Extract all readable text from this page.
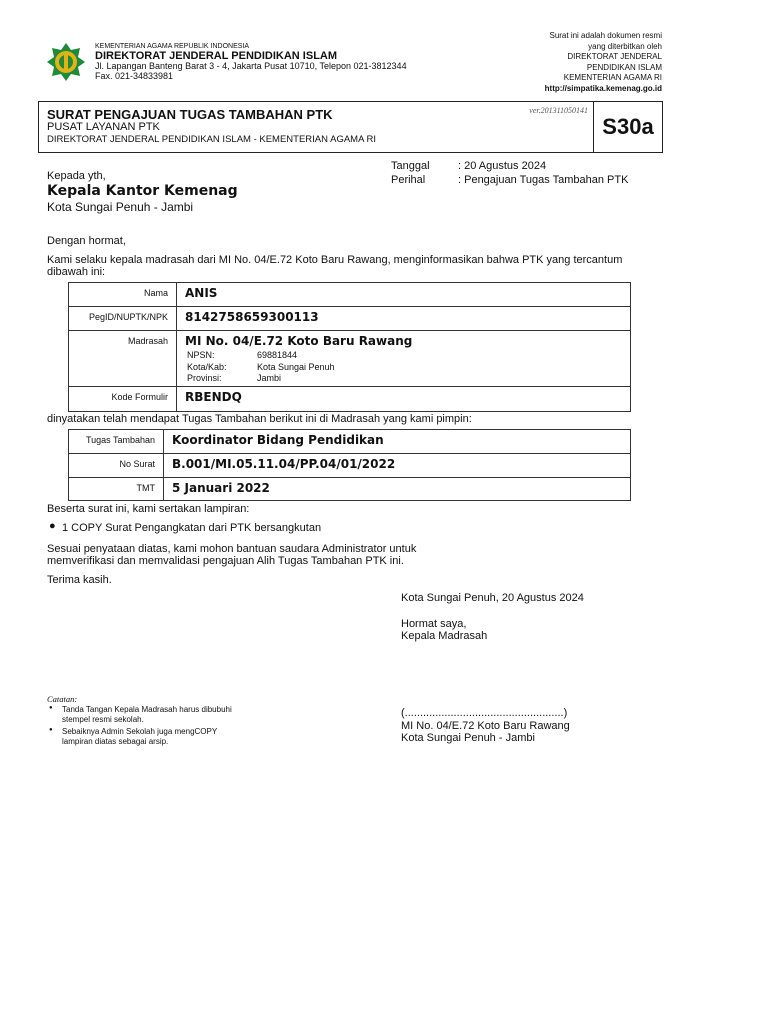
KEMENTERIAN AGAMA REPUBLIK INDONESIA
DIREKTORAT JENDERAL PENDIDIKAN ISLAM
Jl. Lapangan Banteng Barat 3 - 4, Jakarta Pusat 10710, Telepon 021-3812344
Fax. 021-34833981
Surat ini adalah dokumen resmi
yang diterbitkan oleh
DIREKTORAT JENDERAL
PENDIDIKAN ISLAM
KEMENTERIAN AGAMA RI
http://simpatika.kemenag.go.id
SURAT PENGAJUAN TUGAS TAMBAHAN PTK
PUSAT LAYANAN PTK
DIREKTORAT JENDERAL PENDIDIKAN ISLAM - KEMENTERIAN AGAMA RI
ver.201311050141
S30a

Tanggal	: 20 Agustus 2024

Perihal	: Pengajuan Tugas Tambahan PTK

Kepada yth,

Kepala Kantor Kemenag

Kota Sungai Penuh - Jambi

Dengan hormat,

Kami selaku kepala madrasah dari MI No. 04/E.72 Koto Baru Rawang, menginformasikan bahwa PTK yang tercantum

dibawah ini:

Nama	ANIS
PegID/NUPTK/NPK	8142758659300113
Madrasah	MI No. 04/E.72 Koto Baru Rawang
NPSN:	69881844
Kota/Kab:	Kota Sungai Penuh
Provinsi:	Jambi

Kode Formulir	RBENDQ

dinyatakan telah mendapat Tugas Tambahan berikut ini di Madrasah yang kami pimpin:

Tugas Tambahan	Koordinator Bidang Pendidikan
No Surat	B.001/MI.05.11.04/PP.04/01/2022
TMT	5 Januari 2022

Beserta surat ini, kami sertakan lampiran:

● 1 COPY Surat Pengangkatan dari PTK bersangkutan

Sesuai penyataan diatas, kami mohon bantuan saudara Administrator untuk

memverifikasi dan memvalidasi pengajuan Alih Tugas Tambahan PTK ini.

Terima kasih.

Kota Sungai Penuh, 20 Agustus 2024

Hormat saya,

Kepala Madrasah

(....................................................)

MI No. 04/E.72 Koto Baru Rawang

Kota Sungai Penuh - Jambi

Catatan:

● Tanda Tangan Kepala Madrasah harus dibubuhi
stempel resmi sekolah.
● Sebaiknya Admin Sekolah juga mengCOPY
lampiran diatas sebagai arsip.
